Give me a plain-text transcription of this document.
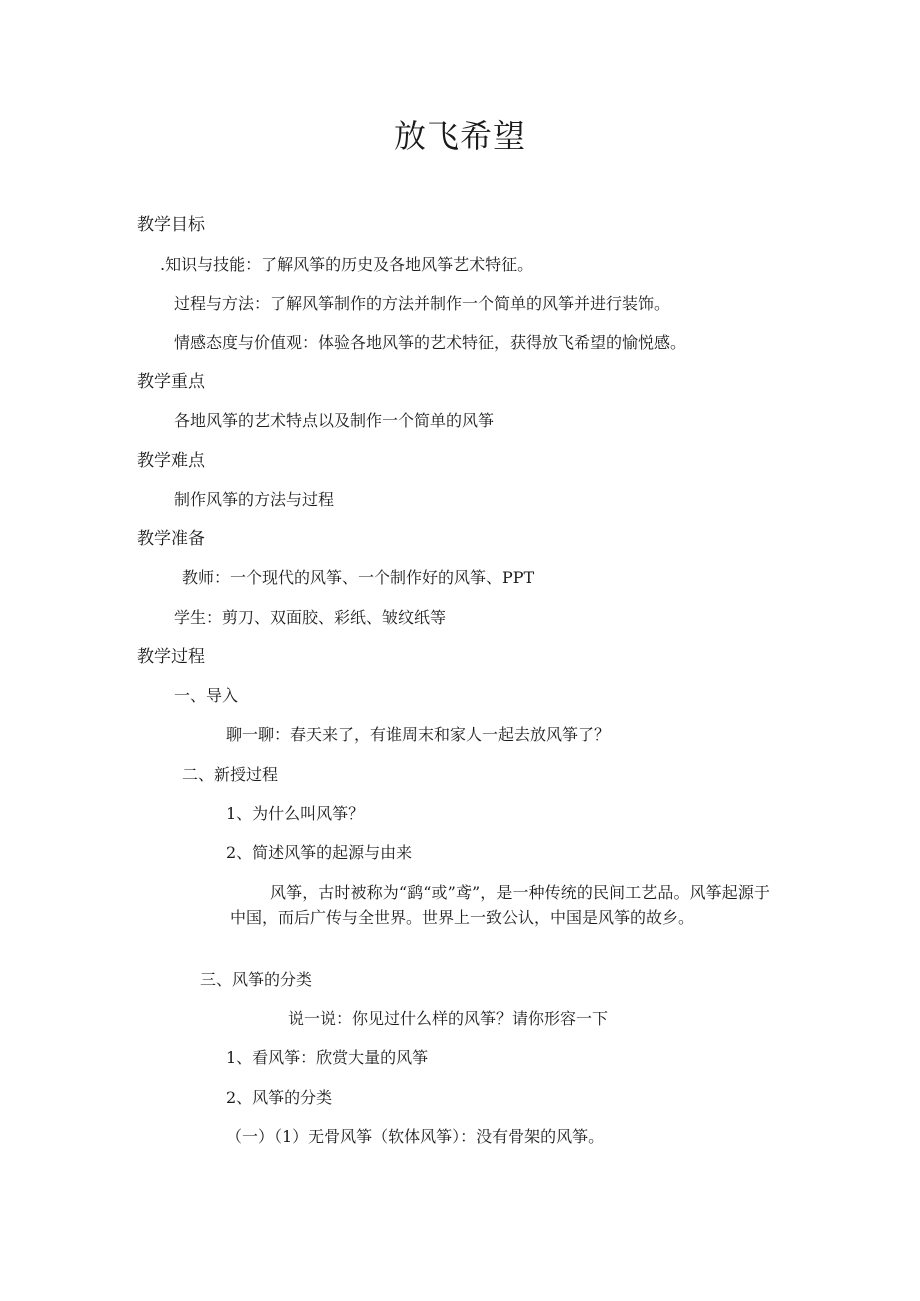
放飞希望
教学目标
.知识与技能：了解风筝的历史及各地风筝艺术特征。
过程与方法：了解风筝制作的方法并制作一个简单的风筝并进行装饰。
情感态度与价值观：体验各地风筝的艺术特征，获得放飞希望的愉悦感。
教学重点
各地风筝的艺术特点以及制作一个简单的风筝
教学难点
制作风筝的方法与过程
教学准备
教师：一个现代的风筝、一个制作好的风筝、PPT
学生：剪刀、双面胶、彩纸、皱纹纸等
教学过程
一、导入
聊一聊：春天来了，有谁周末和家人一起去放风筝了？
二、新授过程
1、为什么叫风筝？
2、简述风筝的起源与由来
风筝，古时被称为“鹞“或”鸢”，是一种传统的民间工艺品。风筝起源于中国，而后广传与全世界。世界上一致公认，中国是风筝的故乡。
三、风筝的分类
说一说：你见过什么样的风筝？请你形容一下
1、看风筝：欣赏大量的风筝
2、风筝的分类
（一）（1）无骨风筝（软体风筝）：没有骨架的风筝。
